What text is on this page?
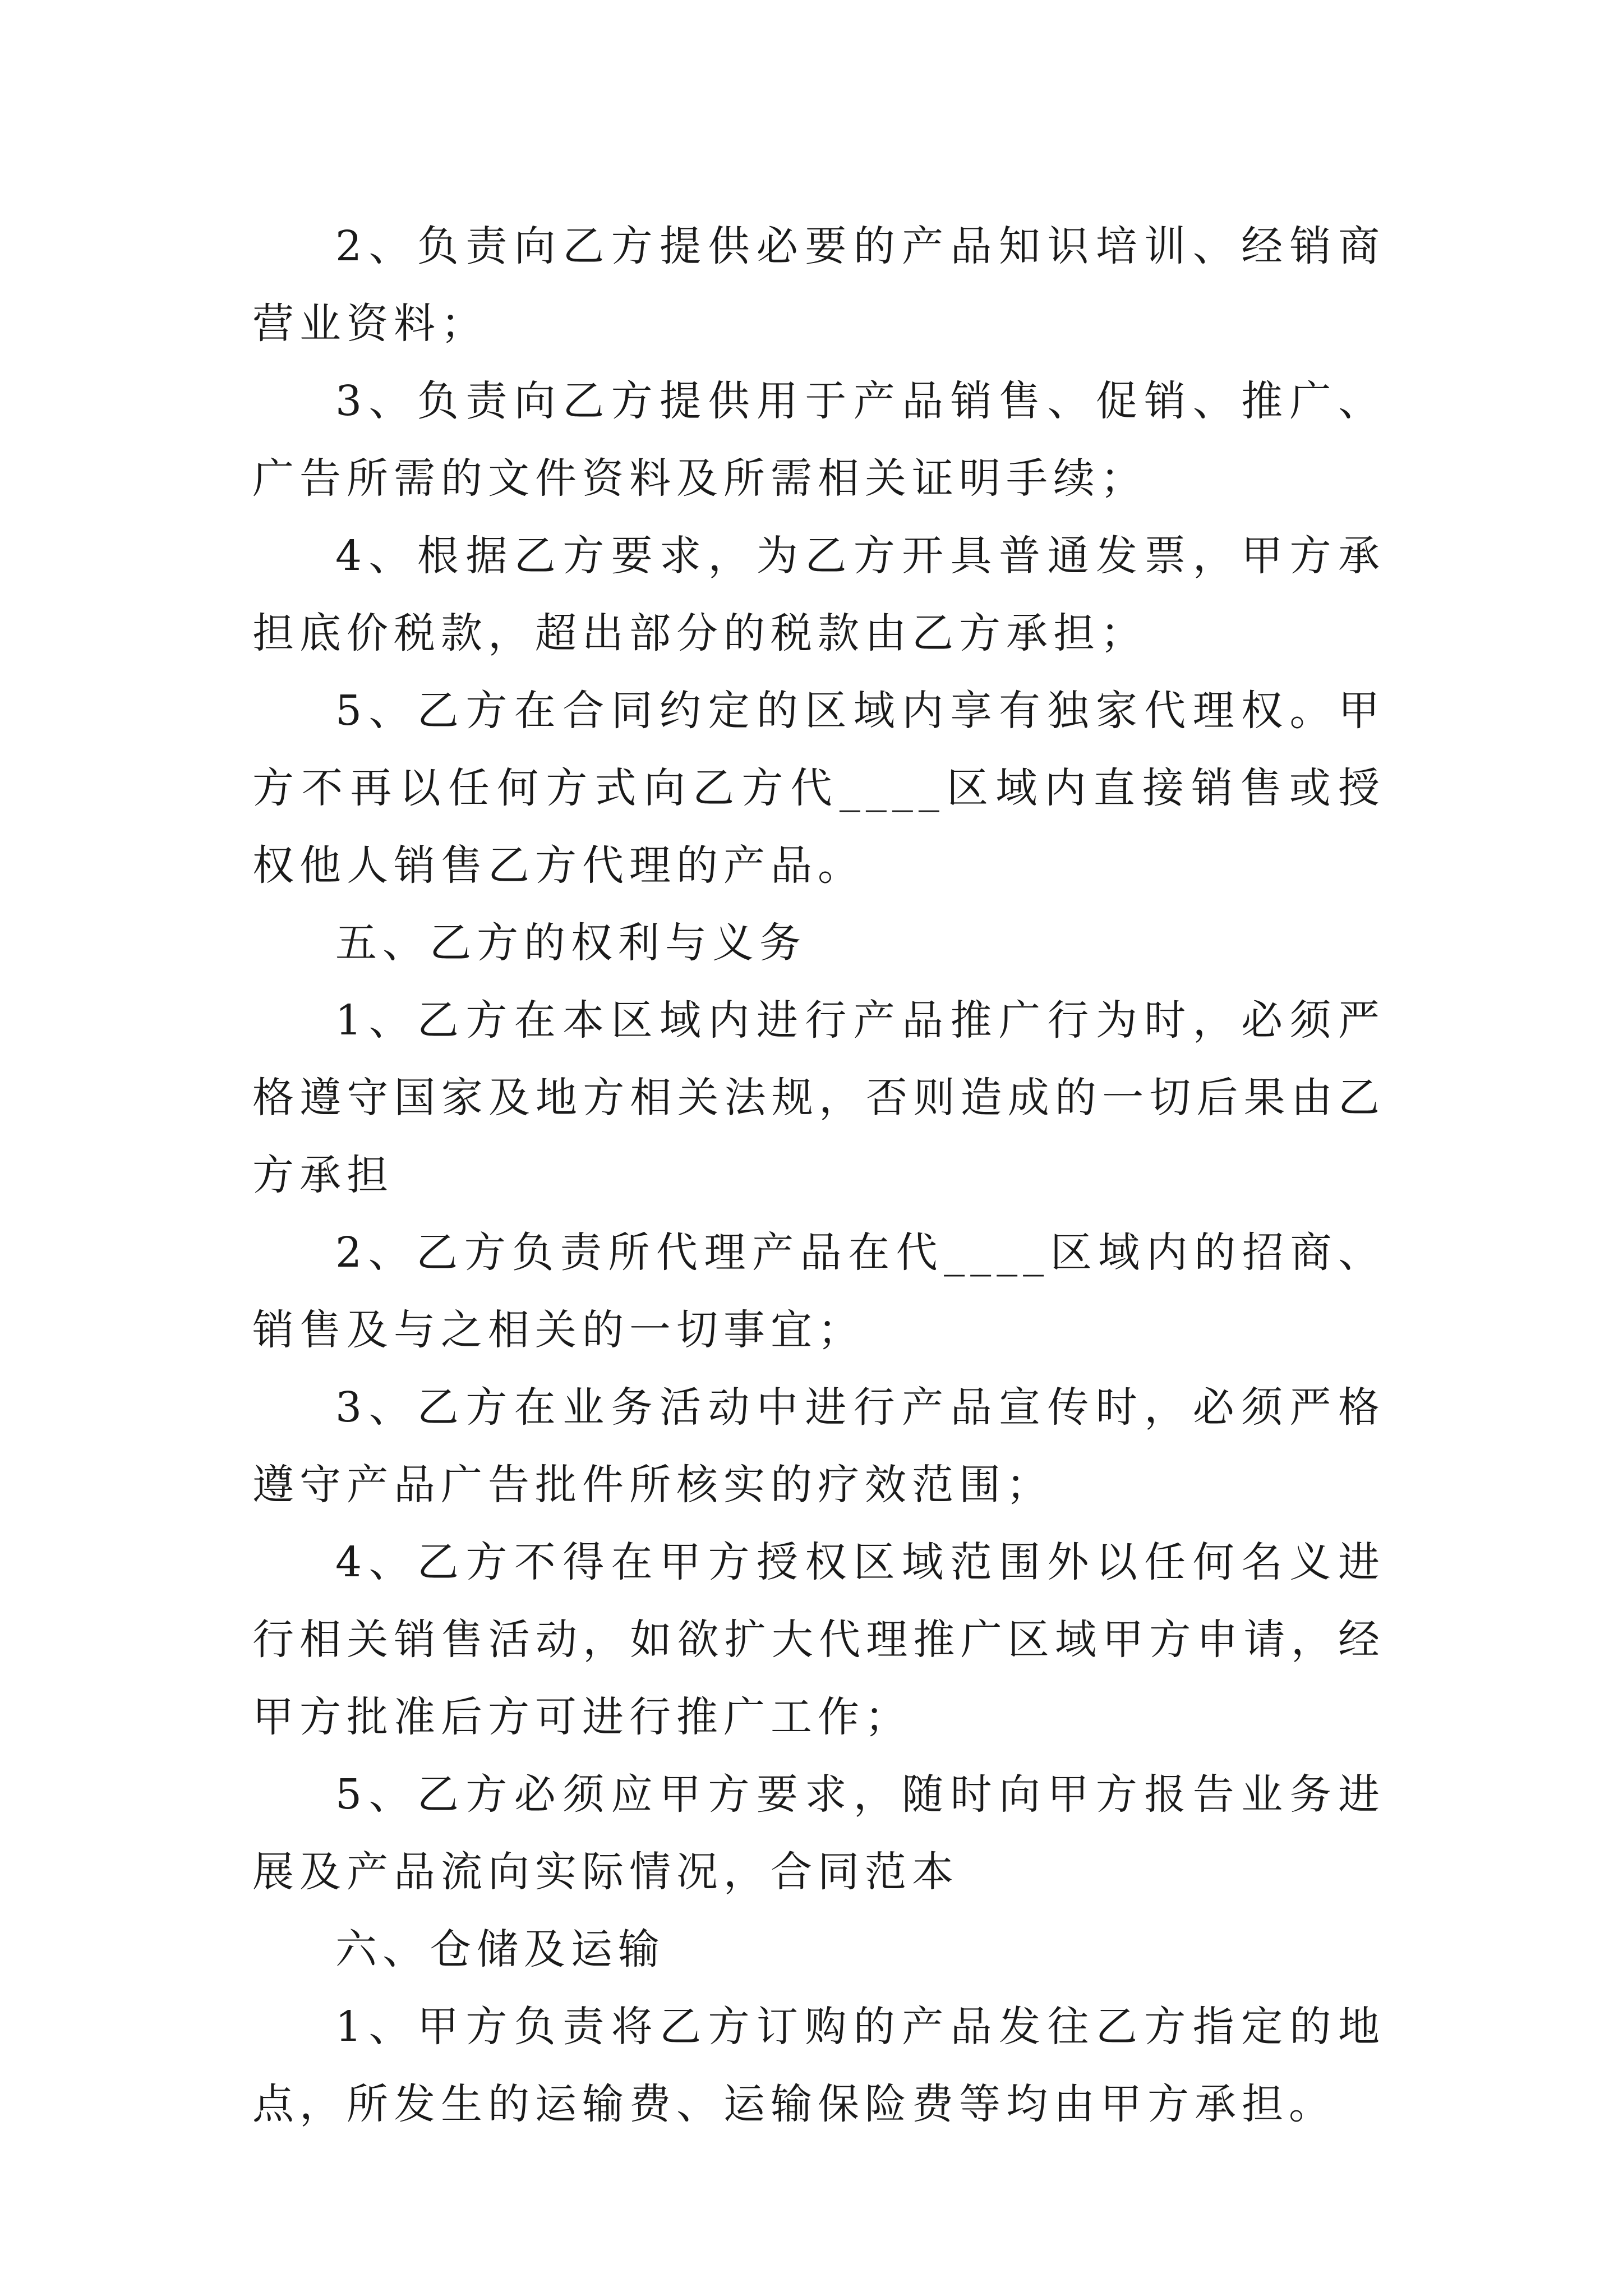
2、负责向乙方提供必要的产品知识培训、经销商营业资料；

3、负责向乙方提供用于产品销售、促销、推广、广告所需的文件资料及所需相关证明手续；

4、根据乙方要求，为乙方开具普通发票，甲方承担底价税款，超出部分的税款由乙方承担；

5、乙方在合同约定的区域内享有独家代理权。甲方不再以任何方式向乙方代____区域内直接销售或授权他人销售乙方代理的产品。

五、乙方的权利与义务

1、乙方在本区域内进行产品推广行为时，必须严格遵守国家及地方相关法规，否则造成的一切后果由乙方承担

2、乙方负责所代理产品在代____区域内的招商、销售及与之相关的一切事宜；

3、乙方在业务活动中进行产品宣传时，必须严格遵守产品广告批件所核实的疗效范围；

4、乙方不得在甲方授权区域范围外以任何名义进行相关销售活动，如欲扩大代理推广区域甲方申请，经甲方批准后方可进行推广工作；

5、乙方必须应甲方要求，随时向甲方报告业务进展及产品流向实际情况，合同范本

六、仓储及运输

1、甲方负责将乙方订购的产品发往乙方指定的地点，所发生的运输费、运输保险费等均由甲方承担。
